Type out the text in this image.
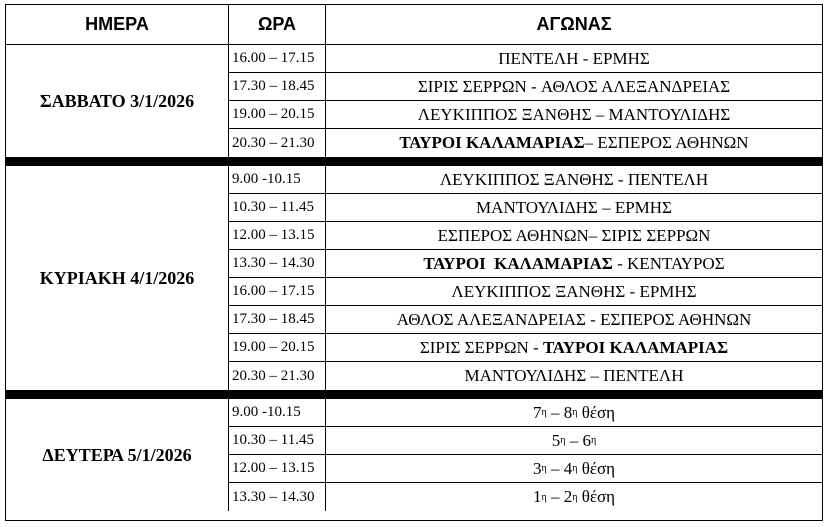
ΗΜΕΡΑ	ΩΡΑ	ΑΓΩΝΑΣ
ΣΑΒΒΑΤΟ 3/1/2026
16.00 – 17.15	ΠΕΝΤΕΛΗ - ΕΡΜΗΣ
17.30 – 18.45	ΣΙΡΙΣ ΣΕΡΡΩΝ - ΑΘΛΟΣ ΑΛΕΞΑΝΔΡΕΙΑΣ
19.00 – 20.15	ΛΕΥΚΙΠΠΟΣ ΞΑΝΘΗΣ – ΜΑΝΤΟΥΛΙΔΗΣ
20.30 – 21.30	ΤΑΥΡΟΙ ΚΑΛΑΜΑΡΙΑΣ – ΕΣΠΕΡΟΣ ΑΘΗΝΩΝ
ΚΥΡΙΑΚΗ 4/1/2026
9.00 -10.15	ΛΕΥΚΙΠΠΟΣ ΞΑΝΘΗΣ - ΠΕΝΤΕΛΗ
10.30 – 11.45	ΜΑΝΤΟΥΛΙΔΗΣ – ΕΡΜΗΣ
12.00 – 13.15	ΕΣΠΕΡΟΣ ΑΘΗΝΩΝ – ΣΙΡΙΣ ΣΕΡΡΩΝ
13.30 – 14.30	ΤΑΥΡΟΙ  ΚΑΛΑΜΑΡΙΑΣ - ΚΕΝΤΑΥΡΟΣ
16.00 – 17.15	ΛΕΥΚΙΠΠΟΣ ΞΑΝΘΗΣ - ΕΡΜΗΣ
17.30 – 18.45	ΑΘΛΟΣ ΑΛΕΞΑΝΔΡΕΙΑΣ - ΕΣΠΕΡΟΣ ΑΘΗΝΩΝ
19.00 – 20.15	ΣΙΡΙΣ ΣΕΡΡΩΝ - ΤΑΥΡΟΙ ΚΑΛΑΜΑΡΙΑΣ
20.30 – 21.30	ΜΑΝΤΟΥΛΙΔΗΣ – ΠΕΝΤΕΛΗ
ΔΕΥΤΕΡΑ 5/1/2026
9.00 -10.15	7 η – 8 η θέση
10.30 – 11.45	5 η – 6 η
12.00 – 13.15	3 η – 4 η θέση
13.30 – 14.30	1 η – 2 η θέση
